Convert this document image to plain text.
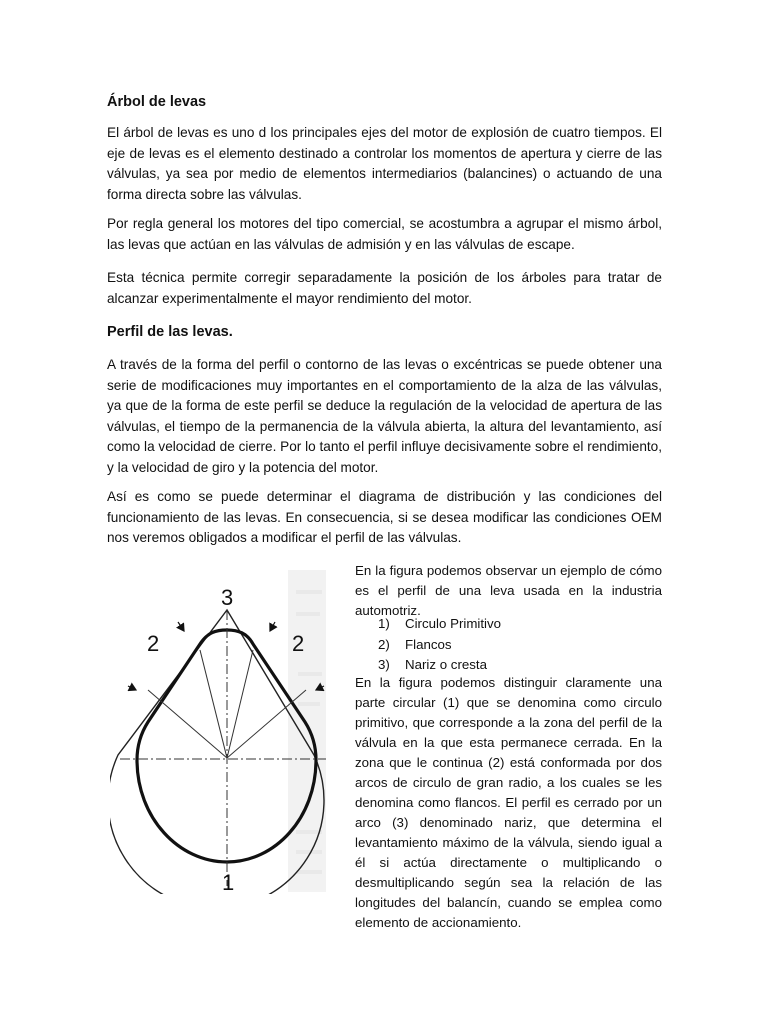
Árbol de levas

El árbol de levas es uno d los principales ejes del motor de explosión de cuatro tiempos. El eje de levas es el elemento destinado a controlar los momentos de apertura y cierre de las válvulas, ya sea por medio de elementos intermediarios (balancines) o actuando de una forma directa sobre las válvulas.

Por regla general los motores del tipo comercial, se acostumbra a agrupar el mismo árbol, las levas que actúan en las válvulas de admisión y en las válvulas de escape.

Esta técnica permite corregir separadamente la posición de los árboles para tratar de alcanzar experimentalmente el mayor rendimiento del motor.

Perfil de las levas.

A través de la forma del perfil o contorno de las levas o excéntricas se puede obtener una serie de modificaciones muy importantes en el comportamiento de la alza de las válvulas, ya que de la forma de este perfil se deduce la regulación de la velocidad de apertura de las válvulas, el tiempo de la permanencia de la válvula abierta, la altura del levantamiento, así como la velocidad de cierre. Por lo tanto el perfil influye decisivamente sobre el rendimiento, y la velocidad de giro y la potencia del motor.

Así es como se puede determinar el diagrama de distribución y las condiciones del funcionamiento de las levas. En consecuencia, si se desea modificar las condiciones OEM nos veremos obligados a modificar el perfil de las válvulas.

En la figura podemos observar un ejemplo de cómo es el perfil de una leva usada en la industria automotriz.

1)	Circulo Primitivo
2)	Flancos
3)	Nariz o cresta

En la figura podemos distinguir claramente una parte circular (1) que se denomina como circulo primitivo, que corresponde a la zona del perfil de la válvula en la que esta permanece cerrada. En la zona que le continua (2) está conformada por dos arcos de circulo de gran radio, a los cuales se les denomina como flancos. El perfil es cerrado por un arco (3) denominado nariz, que determina el levantamiento máximo de la válvula, siendo igual a él si actúa directamente o multiplicando o desmultiplicando según sea la relación de las longitudes del balancín, cuando se emplea como elemento de accionamiento.

3
2	2
1
